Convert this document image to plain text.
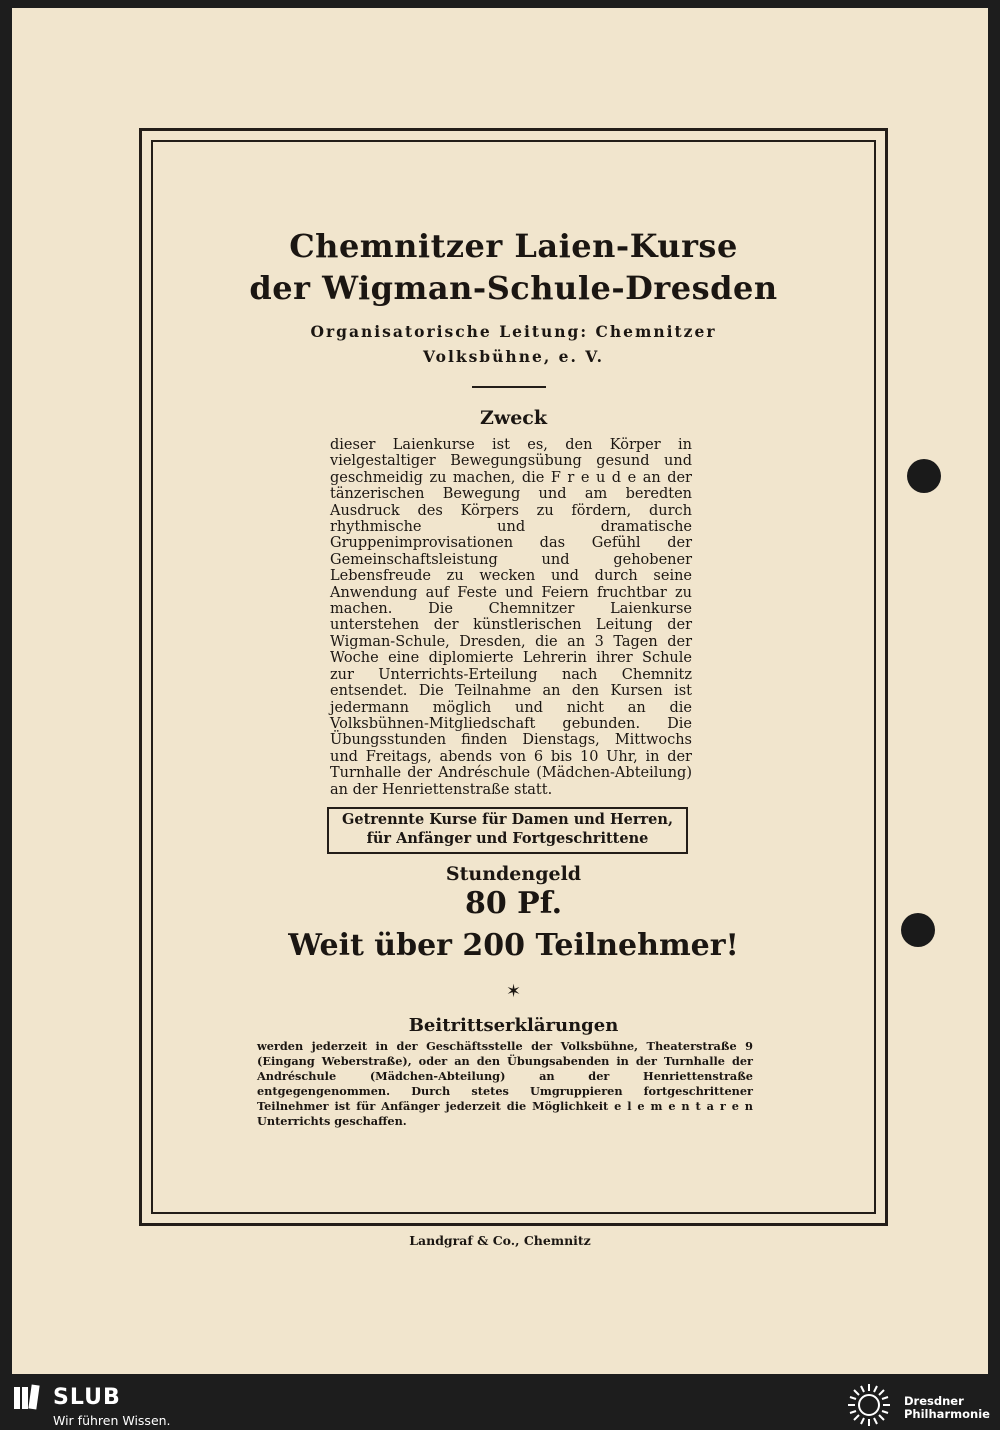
Chemnitzer Laien-Kurse
der Wigman-Schule-Dresden
Organisatorische Leitung: Chemnitzer
Volksbühne, e. V.
Zweck

dieser Laienkurse ist es, den Körper in vielgestaltiger Bewegungsübung gesund und geschmeidig zu machen, die F r e u d e an der tänzerischen Bewegung und am beredten Ausdruck des Körpers zu fördern, durch rhythmische und dramatische Gruppenimprovisationen das Gefühl der Gemeinschaftsleistung und gehobener Lebensfreude zu wecken und durch seine Anwendung auf Feste und Feiern fruchtbar zu machen. Die Chemnitzer Laienkurse unterstehen der künstlerischen Leitung der Wigman-Schule, Dresden, die an 3 Tagen der Woche eine diplomierte Lehrerin ihrer Schule zur Unterrichts-Erteilung nach Chemnitz entsendet. Die Teilnahme an den Kursen ist jedermann möglich und nicht an die Volksbühnen-Mitgliedschaft gebunden. Die Übungsstunden finden Dienstags, Mittwochs und Freitags, abends von 6 bis 10 Uhr, in der Turnhalle der Andréschule (Mädchen-Abteilung) an der Henriettenstraße statt.

Getrennte Kurse für Damen und Herren,
für Anfänger und Fortgeschrittene
Stundengeld
80 Pf.
Weit über 200 Teilnehmer!
✶
Beitrittserklärungen

werden jederzeit in der Geschäftsstelle der Volksbühne, Theaterstraße 9 (Eingang Weberstraße), oder an den Übungsabenden in der Turnhalle der Andréschule (Mädchen-Abteilung) an der Henriettenstraße entgegengenommen. Durch stetes Umgruppieren fortgeschrittener Teilnehmer ist für Anfänger jederzeit die Möglichkeit e l e m e n t a r e n Unterrichts geschaffen.

Landgraf & Co., Chemnitz
SLUB
Wir führen Wissen.
Dresdner
Philharmonie
